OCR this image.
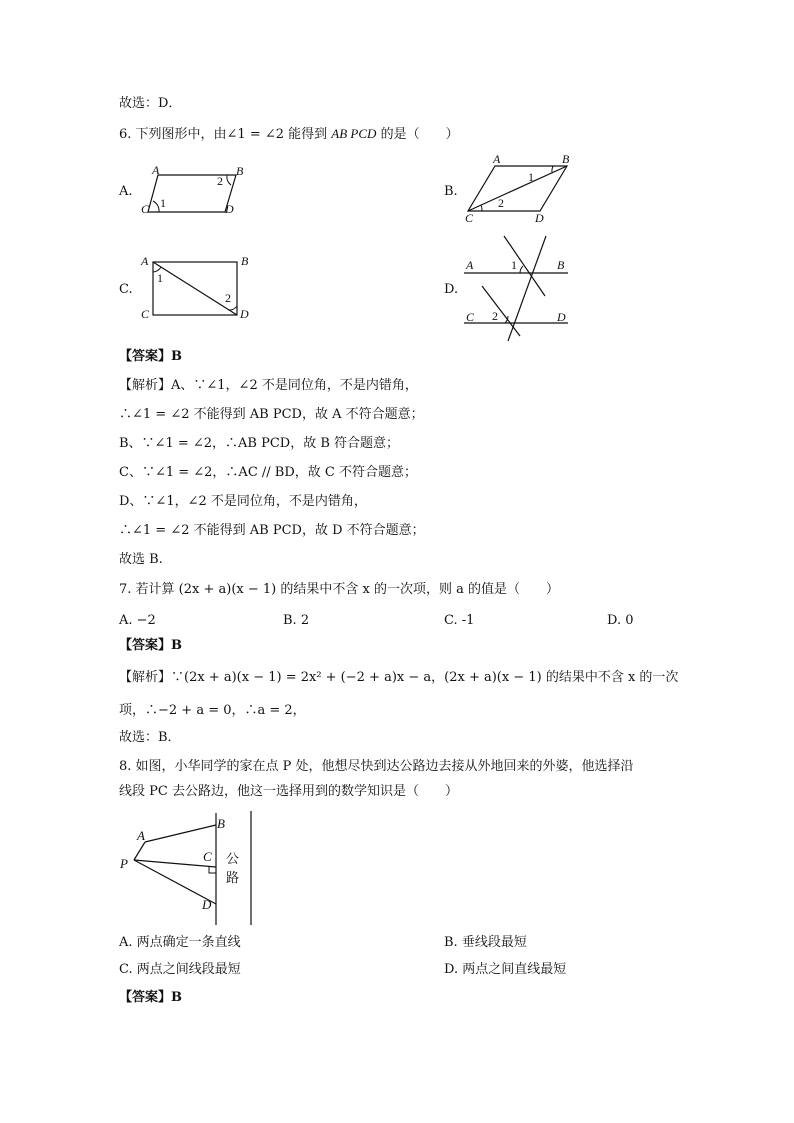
故选：D．
6. 下列图形中，由∠1 = ∠2 能得到 AB PCD 的是（　　）
A.
A	B
C	D
1
2
B.
A	B
C	D
1
2
C.
A	B
C	D
1
2
D.
A	B
C	D
1
2
【答案】B
【解析】A、∵∠1，∠2 不是同位角，不是内错角，
∴∠1 = ∠2 不能得到 AB PCD，故 A 不符合题意；
B、∵∠1 = ∠2，∴AB PCD，故 B 符合题意；
C、∵∠1 = ∠2，∴AC // BD，故 C 不符合题意；
D、∵∠1，∠2 不是同位角，不是内错角，
∴∠1 = ∠2 不能得到 AB PCD，故 D 不符合题意；
故选 B.
7. 若计算 (2x + a)(x − 1) 的结果中不含 x 的一次项，则 a 的值是（　　）
A. −2	B. 2	C. -1	D. 0
【答案】B
【解析】∵(2x + a)(x − 1) = 2x² + (−2 + a)x − a，(2x + a)(x − 1) 的结果中不含 x 的一次
项，∴−2 + a = 0，∴a = 2，
故选：B．
8. 如图，小华同学的家在点 P 处，他想尽快到达公路边去接从外地回来的外婆，他选择沿
线段 PC 去公路边，他这一选择用到的数学知识是（　　）
A
B
C
D
P	公
路
A. 两点确定一条直线	B. 垂线段最短
C. 两点之间线段最短	D. 两点之间直线最短
【答案】B
